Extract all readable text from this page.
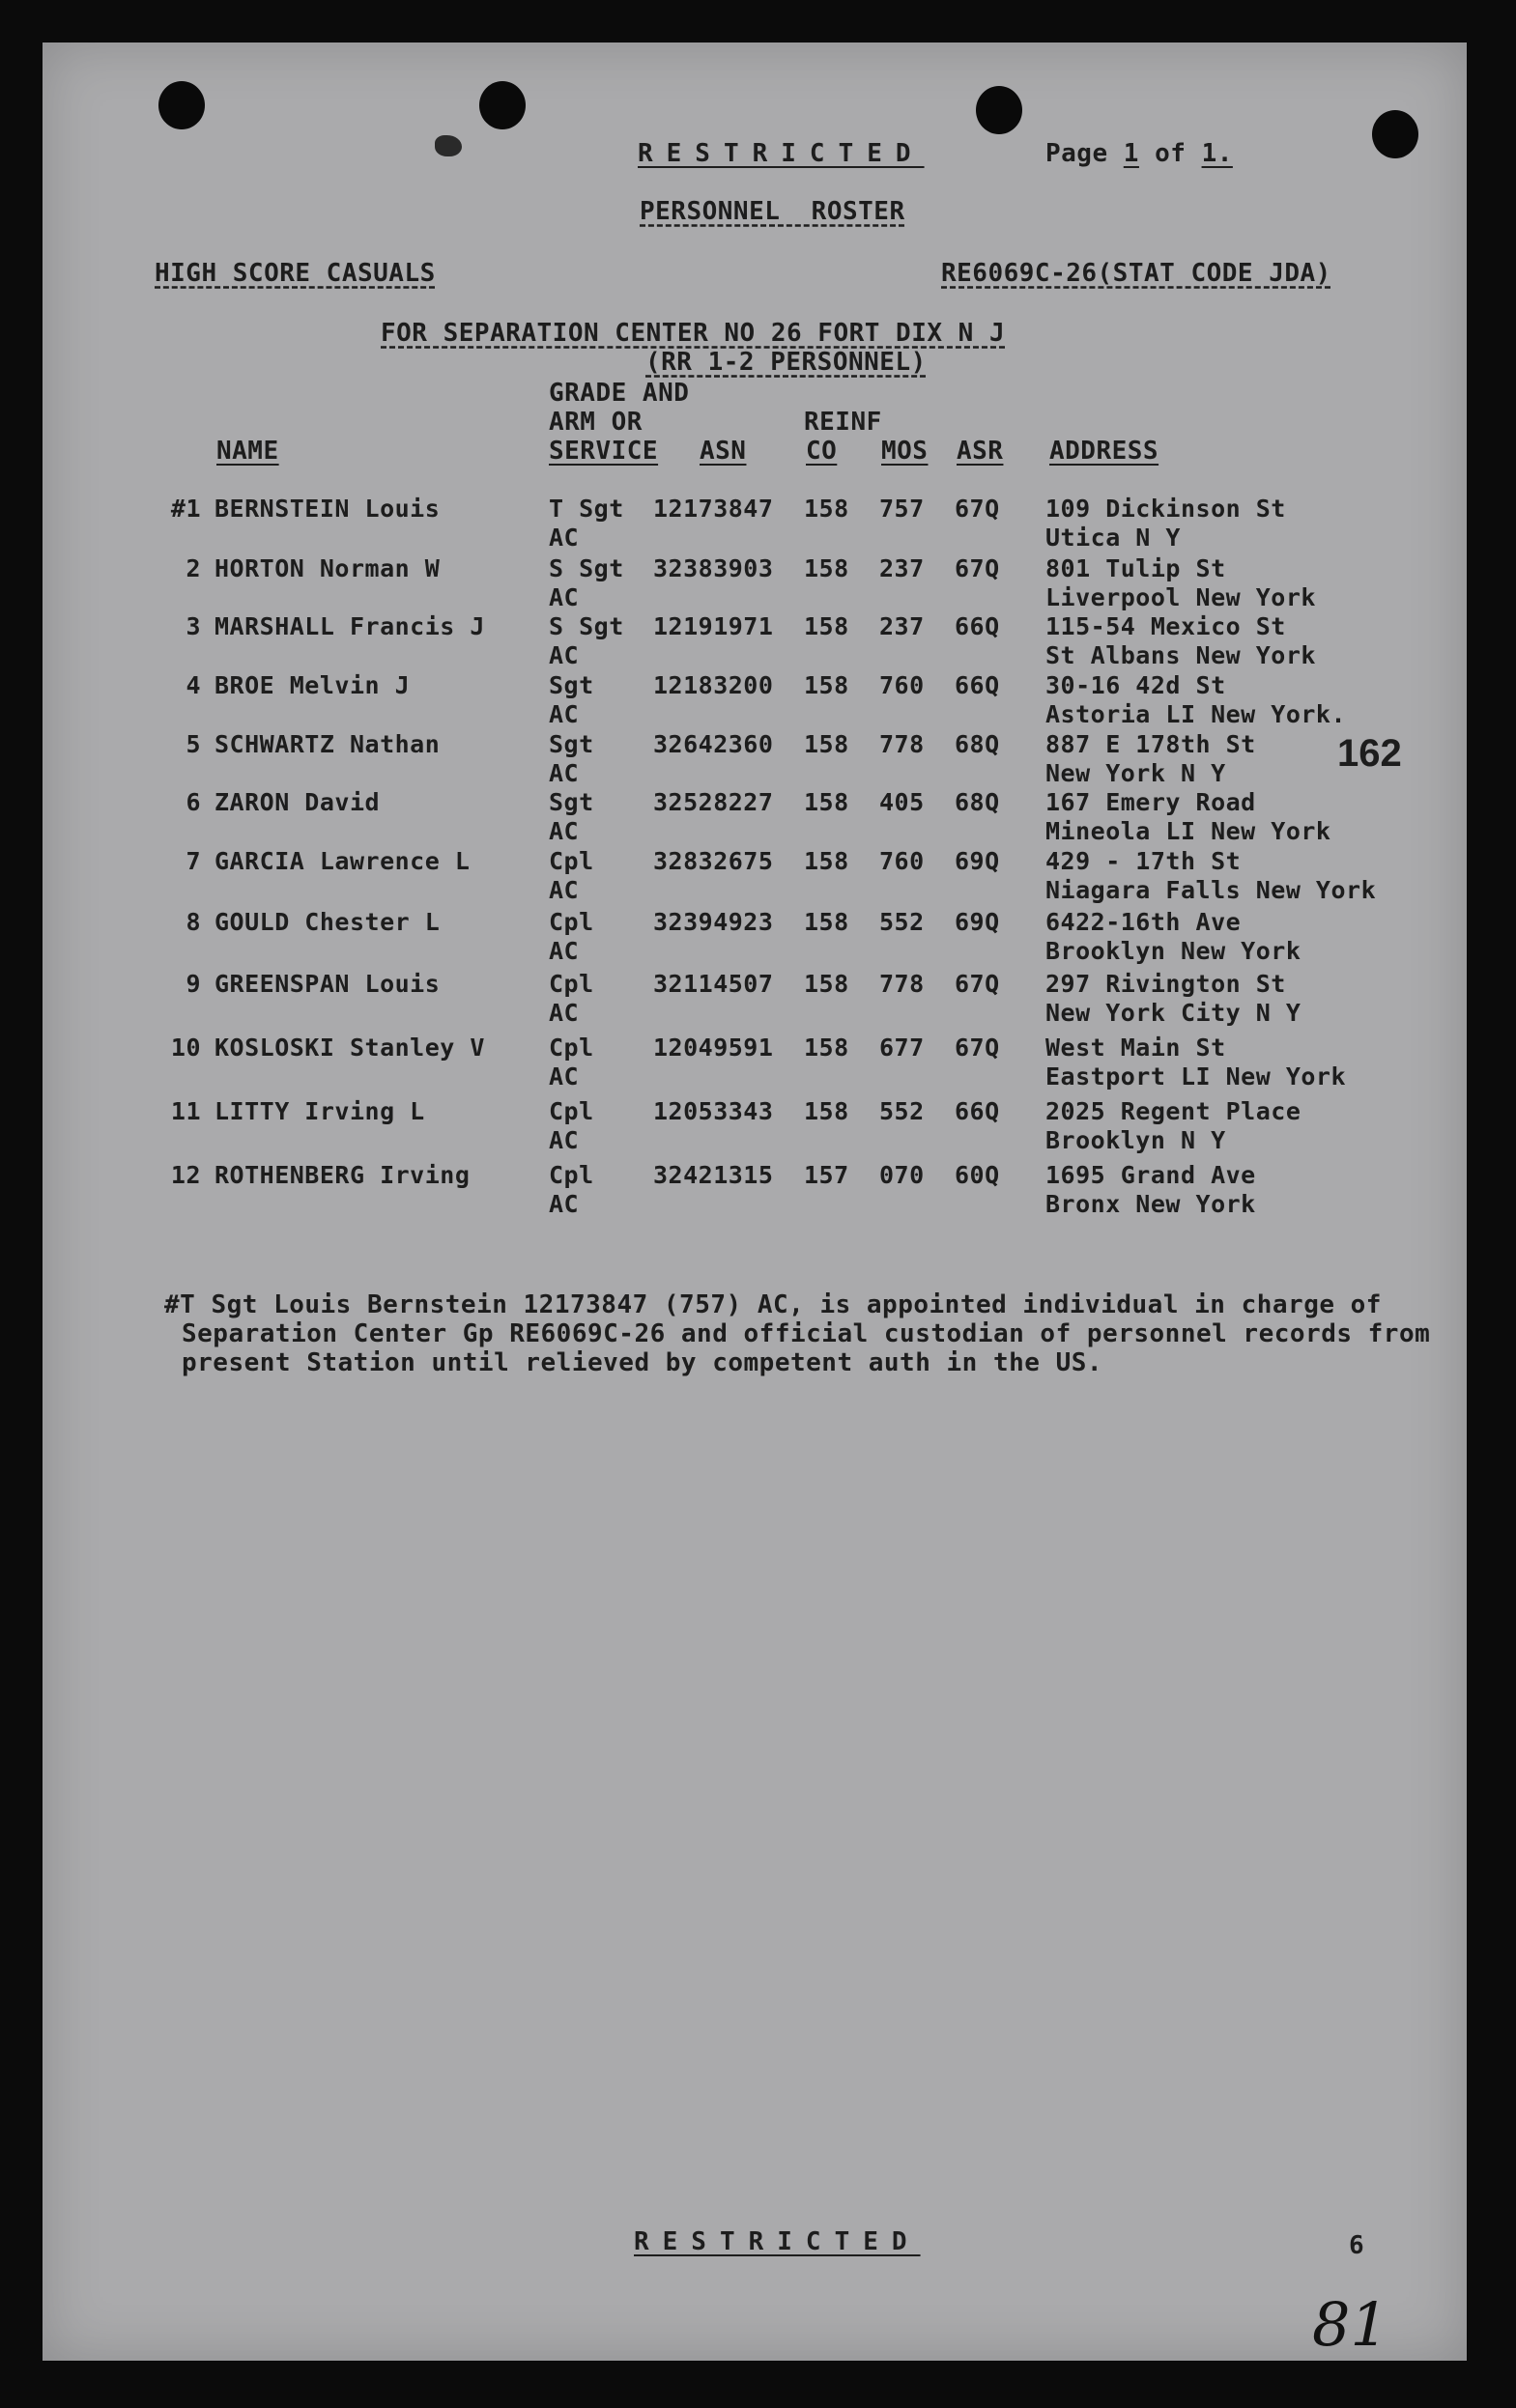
RESTRICTED	Page 1 of 1.
PERSONNEL  ROSTER
HIGH SCORE CASUALS	RE6069C-26(STAT CODE JDA)
FOR SEPARATION CENTER NO 26 FORT DIX N J
(RR 1-2 PERSONNEL)
GRADE AND
ARM OR
SERVICE
NAME	ASN
REINF
CO MOS ASR ADDRESS
#1 BERNSTEIN Louis	T Sgt 12173847 158 757 67Q 109 Dickinson St
AC	Utica N Y
2 HORTON Norman W	S Sgt 32383903 158 237 67Q 801 Tulip St
AC	Liverpool New York
3 MARSHALL Francis J	S Sgt 12191971 158 237 66Q 115-54 Mexico St
AC	St Albans New York
4 BROE Melvin J	Sgt 12183200 158 760 66Q 30-16 42d St
AC	Astoria LI New York.
5 SCHWARTZ Nathan	Sgt 32642360 158 778 68Q 887 E 178th St
AC	New York N Y
6 ZARON David	Sgt 32528227 158 405 68Q 167 Emery Road
AC	Mineola LI New York
7 GARCIA Lawrence L	Cpl 32832675 158 760 69Q 429 - 17th St
AC	Niagara Falls New York
8 GOULD Chester L	Cpl 32394923 158 552 69Q 6422-16th Ave
AC	Brooklyn New York
9 GREENSPAN Louis	Cpl 32114507 158 778 67Q 297 Rivington St
AC	New York City N Y
10 KOSLOSKI Stanley V	Cpl 12049591 158 677 67Q West Main St
AC	Eastport LI New York
11 LITTY Irving L	Cpl 12053343 158 552 66Q 2025 Regent Place
AC	Brooklyn N Y
12 ROTHENBERG Irving	Cpl 32421315 157 070 60Q 1695 Grand Ave
AC	Bronx New York
162
#T Sgt Louis Bernstein 12173847 (757) AC, is appointed individual in charge of
Separation Center Gp RE6069C-26 and official custodian of personnel records from
present Station until relieved by competent auth in the US.
RESTRICTED	6
81
